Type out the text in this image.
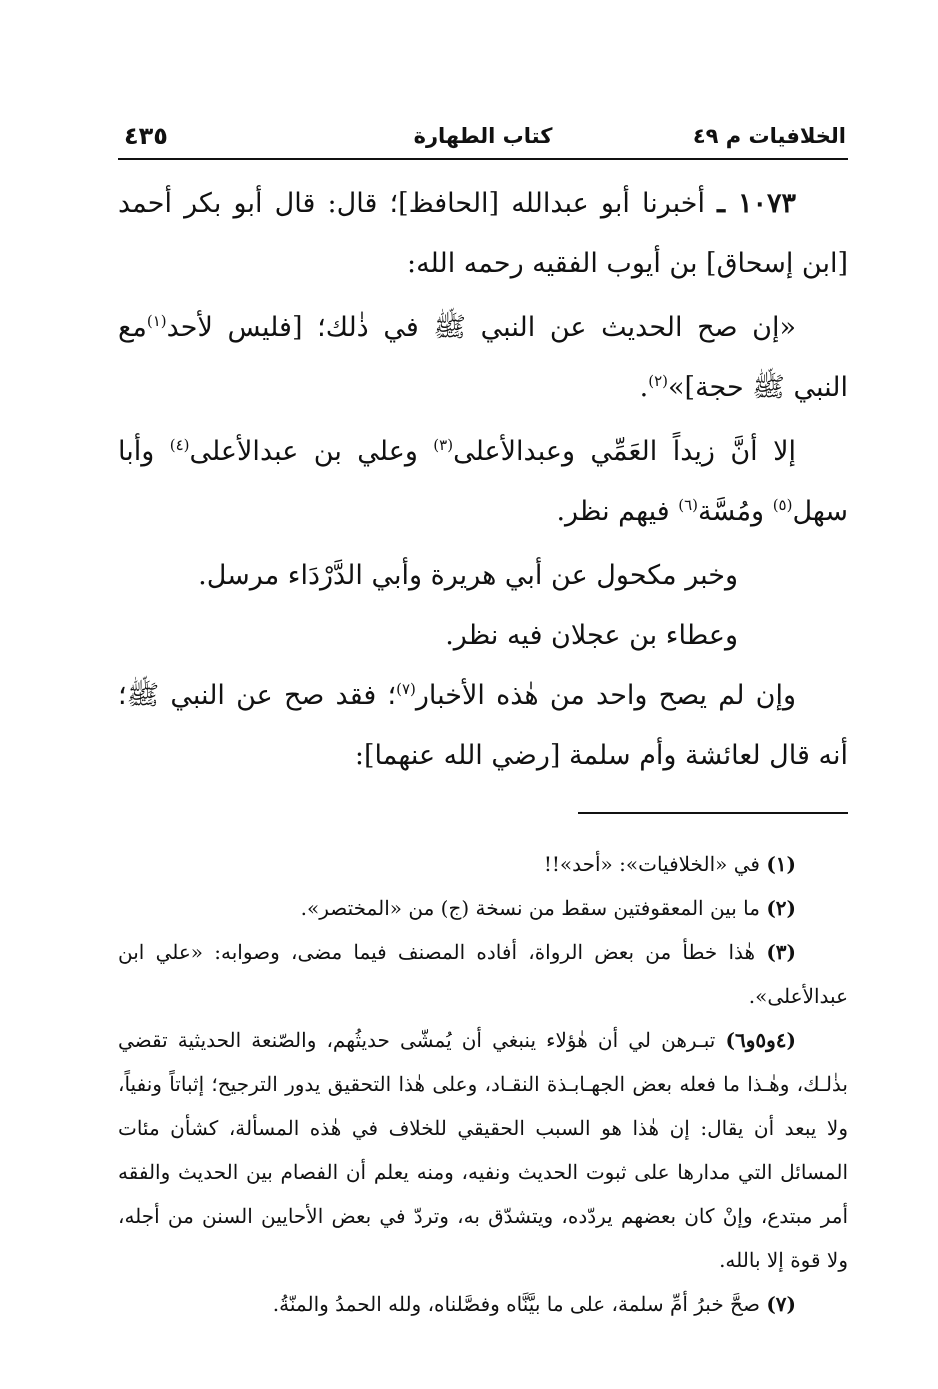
الخلافيات م ٤٩
كتاب الطهارة
٤٣٥

١٠٧٣ ـ أخبرنا أبو عبدالله [الحافظ]؛ قال: قال أبو بكر أحمد [ابن إسحاق] بن أيوب الفقيه رحمه الله:

«إن صح الحديث عن النبي ﷺ في ذٰلك؛ [فليس لأحد$^{(١)}$مع النبي ﷺ حجة]»$^{(٢)}$.

إلا أنَّ زيداً العَمِّي وعبدالأعلى$^{(٣)}$ وعلي بن عبدالأعلى$^{(٤)}$ وأبا سهل$^{(٥)}$ ومُسَّة$^{(٦)}$ فيهم نظر.

وخبر مكحول عن أبي هريرة وأبي الدَّرْدَاء مرسل.

وعطاء بن عجلان فيه نظر.

وإن لم يصح واحد من هٰذه الأخبار$^{(٧)}$؛ فقد صح عن النبي ﷺ؛ أنه قال لعائشة وأم سلمة [رضي الله عنهما]:

(١) في «الخلافيات»: «أحد»!!

(٢) ما بين المعقوفتين سقط من نسخة (ج) من «المختصر».

(٣) هٰذا خطأ من بعض الرواة، أفاده المصنف فيما مضى، وصوابه: «علي ابن عبدالأعلى».

(٤و٥و٦) تبـرهن لي أن هٰؤلاء ينبغي أن يُمشّى حديثُهم، والصّنعة الحديثية تقضي بذٰلـك، وهٰـذا ما فعله بعض الجهـابـذة النقـاد، وعلى هٰذا التحقيق يدور الترجيح؛ إثباتاً ونفياً، ولا يبعد أن يقال: إن هٰذا هو السبب الحقيقي للخلاف في هٰذه المسألة، كشأن مئات المسائل التي مدارها على ثبوت الحديث ونفيه، ومنه يعلم أن الفصام بين الحديث والفقه أمر مبتدع، وإنْ كان بعضهم يردّده، ويتشدّق به، وتردّ في بعض الأحايين السنن من أجله، ولا قوة إلا بالله.

(٧) صحَّ خبرُ أمِّ سلمة، على ما بيَّنَّاه وفصَّلناه، ولله الحمدُ والمنّةُ.
